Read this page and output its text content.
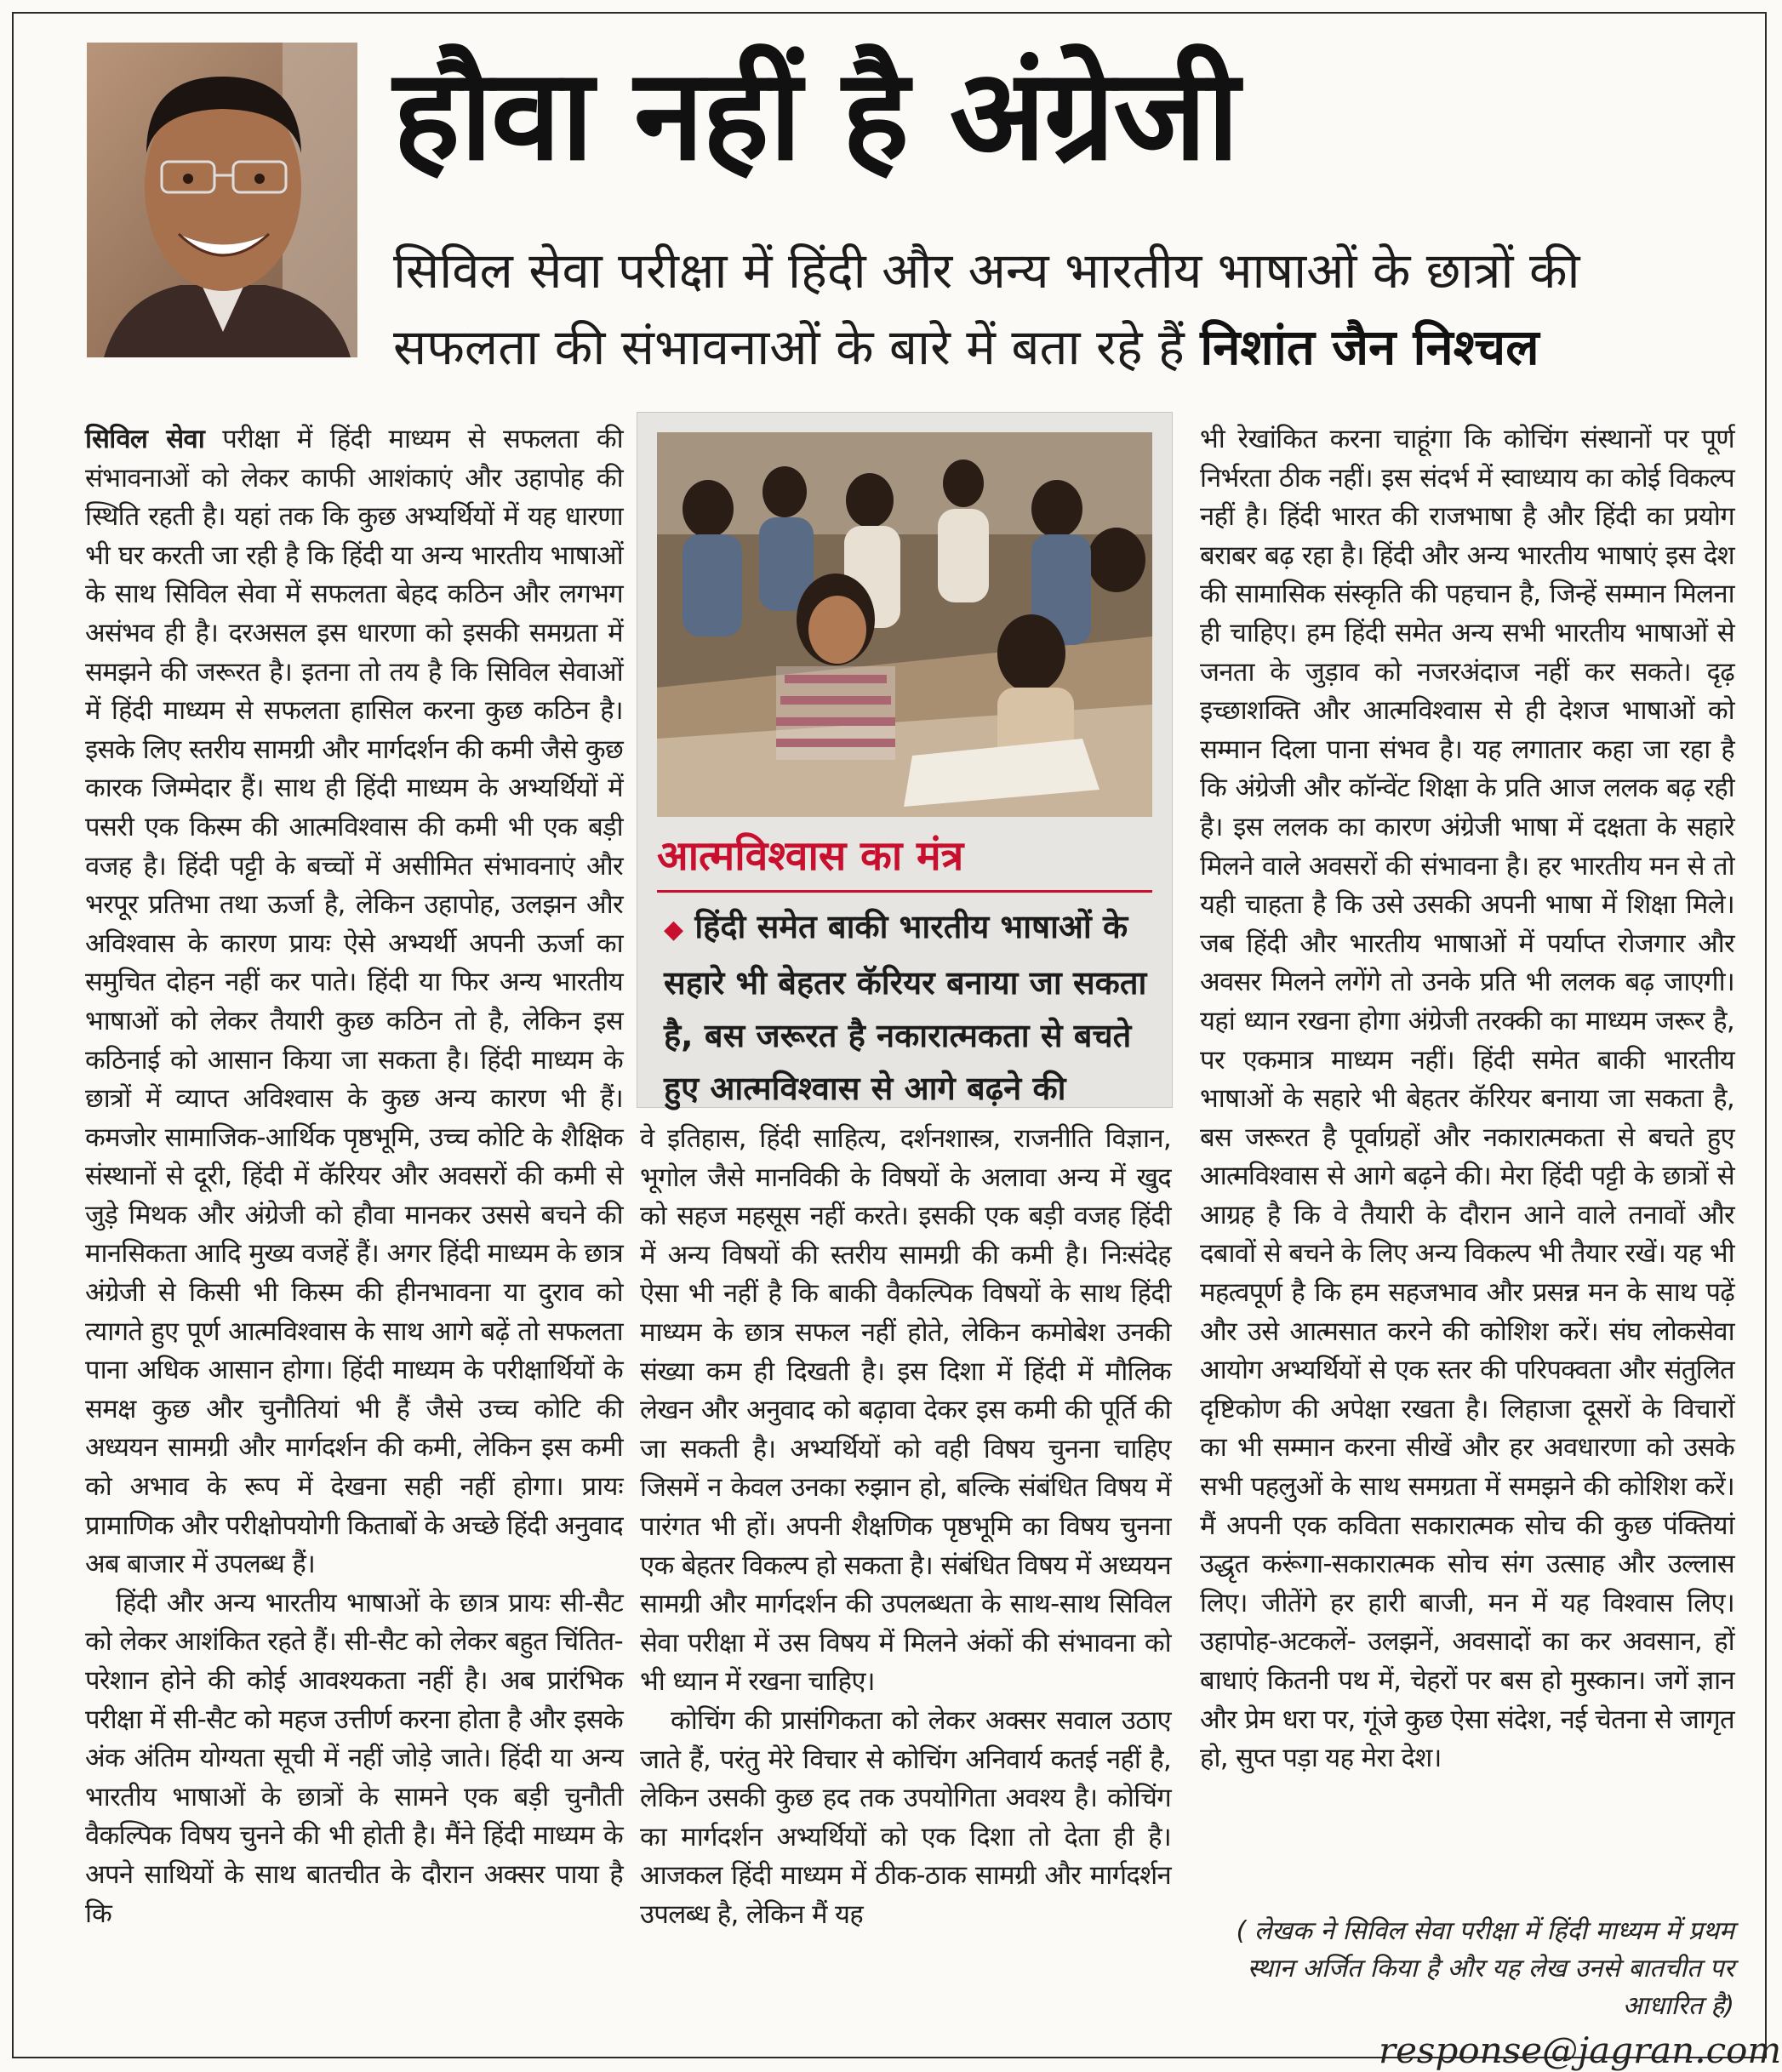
हौवा नहीं है अंग्रेजी
सिविल सेवा परीक्षा में हिंदी और अन्य भारतीय भाषाओं के छात्रों की
सफलता की संभावनाओं के बारे में बता रहे हैं निशांत जैन निश्चल

सिविल सेवा परीक्षा में हिंदी माध्यम से सफलता की संभावनाओं को लेकर काफी आशंकाएं और उहापोह की स्थिति रहती है। यहां तक कि कुछ अभ्यर्थियों में यह धारणा भी घर करती जा रही है कि हिंदी या अन्य भारतीय भाषाओं के साथ सिविल सेवा में सफलता बेहद कठिन और लगभग असंभव ही है। दरअसल इस धारणा को इसकी समग्रता में समझने की जरूरत है। इतना तो तय है कि सिविल सेवाओं में हिंदी माध्यम से सफलता हासिल करना कुछ कठिन है। इसके लिए स्तरीय सामग्री और मार्गदर्शन की कमी जैसे कुछ कारक जिम्मेदार हैं। साथ ही हिंदी माध्यम के अभ्यर्थियों में पसरी एक किस्म की आत्मविश्वास की कमी भी एक बड़ी वजह है। हिंदी पट्टी के बच्चों में असीमित संभावनाएं और भरपूर प्रतिभा तथा ऊर्जा है, लेकिन उहापोह, उलझन और अविश्वास के कारण प्रायः ऐसे अभ्यर्थी अपनी ऊर्जा का समुचित दोहन नहीं कर पाते। हिंदी या फिर अन्य भारतीय भाषाओं को लेकर तैयारी कुछ कठिन तो है, लेकिन इस कठिनाई को आसान किया जा सकता है। हिंदी माध्यम के छात्रों में व्याप्त अविश्वास के कुछ अन्य कारण भी हैं। कमजोर सामाजिक-आर्थिक पृष्ठभूमि, उच्च कोटि के शैक्षिक संस्थानों से दूरी, हिंदी में कॅरियर और अवसरों की कमी से जुड़े मिथक और अंग्रेजी को हौवा मानकर उससे बचने की मानसिकता आदि मुख्य वजहें हैं। अगर हिंदी माध्यम के छात्र अंग्रेजी से किसी भी किस्म की हीनभावना या दुराव को त्यागते हुए पूर्ण आत्मविश्वास के साथ आगे बढ़ें तो सफलता पाना अधिक आसान होगा। हिंदी माध्यम के परीक्षार्थियों के समक्ष कुछ और चुनौतियां भी हैं जैसे उच्च कोटि की अध्ययन सामग्री और मार्गदर्शन की कमी, लेकिन इस कमी को अभाव के रूप में देखना सही नहीं होगा। प्रायः प्रामाणिक और परीक्षोपयोगी किताबों के अच्छे हिंदी अनुवाद अब बाजार में उपलब्ध हैं।

हिंदी और अन्य भारतीय भाषाओं के छात्र प्रायः सी-सैट को लेकर आशंकित रहते हैं। सी-सैट को लेकर बहुत चिंतित-परेशान होने की कोई आवश्यकता नहीं है। अब प्रारंभिक परीक्षा में सी-सैट को महज उत्तीर्ण करना होता है और इसके अंक अंतिम योग्यता सूची में नहीं जोड़े जाते। हिंदी या अन्य भारतीय भाषाओं के छात्रों के सामने एक बड़ी चुनौती वैकल्पिक विषय चुनने की भी होती है। मैंने हिंदी माध्यम के अपने साथियों के साथ बातचीत के दौरान अक्सर पाया है कि

आत्मविश्वास का मंत्र
◆ हिंदी समेत बाकी भारतीय भाषाओं के सहारे भी बेहतर कॅरियर बनाया जा सकता है, बस जरूरत है नकारात्मकता से बचते हुए आत्मविश्वास से आगे बढ़ने की

वे इतिहास, हिंदी साहित्य, दर्शनशास्त्र, राजनीति विज्ञान, भूगोल जैसे मानविकी के विषयों के अलावा अन्य में खुद को सहज महसूस नहीं करते। इसकी एक बड़ी वजह हिंदी में अन्य विषयों की स्तरीय सामग्री की कमी है। निःसंदेह ऐसा भी नहीं है कि बाकी वैकल्पिक विषयों के साथ हिंदी माध्यम के छात्र सफल नहीं होते, लेकिन कमोबेश उनकी संख्या कम ही दिखती है। इस दिशा में हिंदी में मौलिक लेखन और अनुवाद को बढ़ावा देकर इस कमी की पूर्ति की जा सकती है। अभ्यर्थियों को वही विषय चुनना चाहिए जिसमें न केवल उनका रुझान हो, बल्कि संबंधित विषय में पारंगत भी हों। अपनी शैक्षणिक पृष्ठभूमि का विषय चुनना एक बेहतर विकल्प हो सकता है। संबंधित विषय में अध्ययन सामग्री और मार्गदर्शन की उपलब्धता के साथ-साथ सिविल सेवा परीक्षा में उस विषय में मिलने अंकों की संभावना को भी ध्यान में रखना चाहिए।

कोचिंग की प्रासंगिकता को लेकर अक्सर सवाल उठाए जाते हैं, परंतु मेरे विचार से कोचिंग अनिवार्य कतई नहीं है, लेकिन उसकी कुछ हद तक उपयोगिता अवश्य है। कोचिंग का मार्गदर्शन अभ्यर्थियों को एक दिशा तो देता ही है। आजकल हिंदी माध्यम में ठीक-ठाक सामग्री और मार्गदर्शन उपलब्ध है, लेकिन मैं यह

भी रेखांकित करना चाहूंगा कि कोचिंग संस्थानों पर पूर्ण निर्भरता ठीक नहीं। इस संदर्भ में स्वाध्याय का कोई विकल्प नहीं है। हिंदी भारत की राजभाषा है और हिंदी का प्रयोग बराबर बढ़ रहा है। हिंदी और अन्य भारतीय भाषाएं इस देश की सामासिक संस्कृति की पहचान है, जिन्हें सम्मान मिलना ही चाहिए। हम हिंदी समेत अन्य सभी भारतीय भाषाओं से जनता के जुड़ाव को नजरअंदाज नहीं कर सकते। दृढ़ इच्छाशक्ति और आत्मविश्वास से ही देशज भाषाओं को सम्मान दिला पाना संभव है। यह लगातार कहा जा रहा है कि अंग्रेजी और कॉन्वेंट शिक्षा के प्रति आज ललक बढ़ रही है। इस ललक का कारण अंग्रेजी भाषा में दक्षता के सहारे मिलने वाले अवसरों की संभावना है। हर भारतीय मन से तो यही चाहता है कि उसे उसकी अपनी भाषा में शिक्षा मिले। जब हिंदी और भारतीय भाषाओं में पर्याप्त रोजगार और अवसर मिलने लगेंगे तो उनके प्रति भी ललक बढ़ जाएगी। यहां ध्यान रखना होगा अंग्रेजी तरक्की का माध्यम जरूर है, पर एकमात्र माध्यम नहीं। हिंदी समेत बाकी भारतीय भाषाओं के सहारे भी बेहतर कॅरियर बनाया जा सकता है, बस जरूरत है पूर्वाग्रहों और नकारात्मकता से बचते हुए आत्मविश्वास से आगे बढ़ने की। मेरा हिंदी पट्टी के छात्रों से आग्रह है कि वे तैयारी के दौरान आने वाले तनावों और दबावों से बचने के लिए अन्य विकल्प भी तैयार रखें। यह भी महत्वपूर्ण है कि हम सहजभाव और प्रसन्न मन के साथ पढ़ें और उसे आत्मसात करने की कोशिश करें। संघ लोकसेवा आयोग अभ्यर्थियों से एक स्तर की परिपक्वता और संतुलित दृष्टिकोण की अपेक्षा रखता है। लिहाजा दूसरों के विचारों का भी सम्मान करना सीखें और हर अवधारणा को उसके सभी पहलुओं के साथ समग्रता में समझने की कोशिश करें। मैं अपनी एक कविता सकारात्मक सोच की कुछ पंक्तियां उद्धृत करूंगा-सकारात्मक सोच संग उत्साह और उल्लास लिए। जीतेंगे हर हारी बाजी, मन में यह विश्वास लिए। उहापोह-अटकलें- उलझनें, अवसादों का कर अवसान, हों बाधाएं कितनी पथ में, चेहरों पर बस हो मुस्कान। जगें ज्ञान और प्रेम धरा पर, गूंजे कुछ ऐसा संदेश, नई चेतना से जागृत हो, सुप्त पड़ा यह मेरा देश।

( लेखक ने सिविल सेवा परीक्षा में हिंदी माध्यम में प्रथम स्थान अर्जित किया है और यह लेख उनसे बातचीत पर आधारित है)
response@jagran.com
